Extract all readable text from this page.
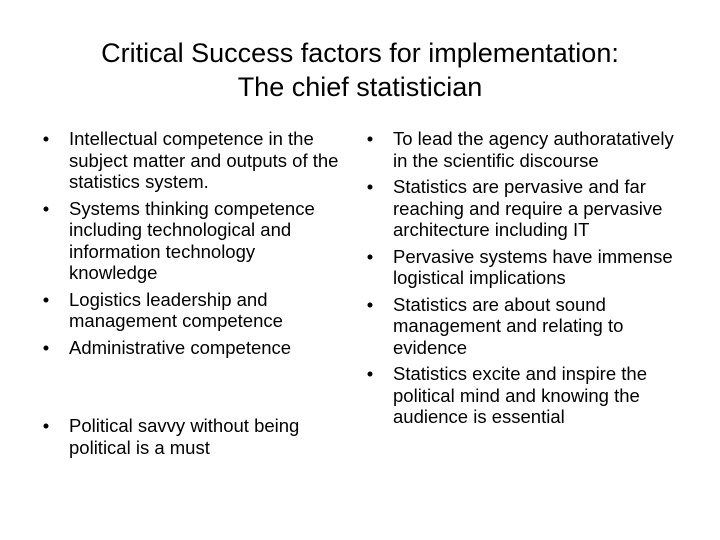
Critical Success factors for implementation:
The chief statistician
•	Intellectual competence in the subject matter and outputs of the statistics system.
•	Systems thinking competence including technological and information technology knowledge
•	Logistics leadership and management competence
•	Administrative competence
•	Political savvy without being political is a must
•	To lead the agency authoratatively in the scientific discourse
•	Statistics are pervasive and far reaching and require a pervasive architecture including IT
•	Pervasive systems have immense logistical implications
•	Statistics are about sound management and relating to evidence
•	Statistics excite and inspire the political mind and knowing the audience is essential
